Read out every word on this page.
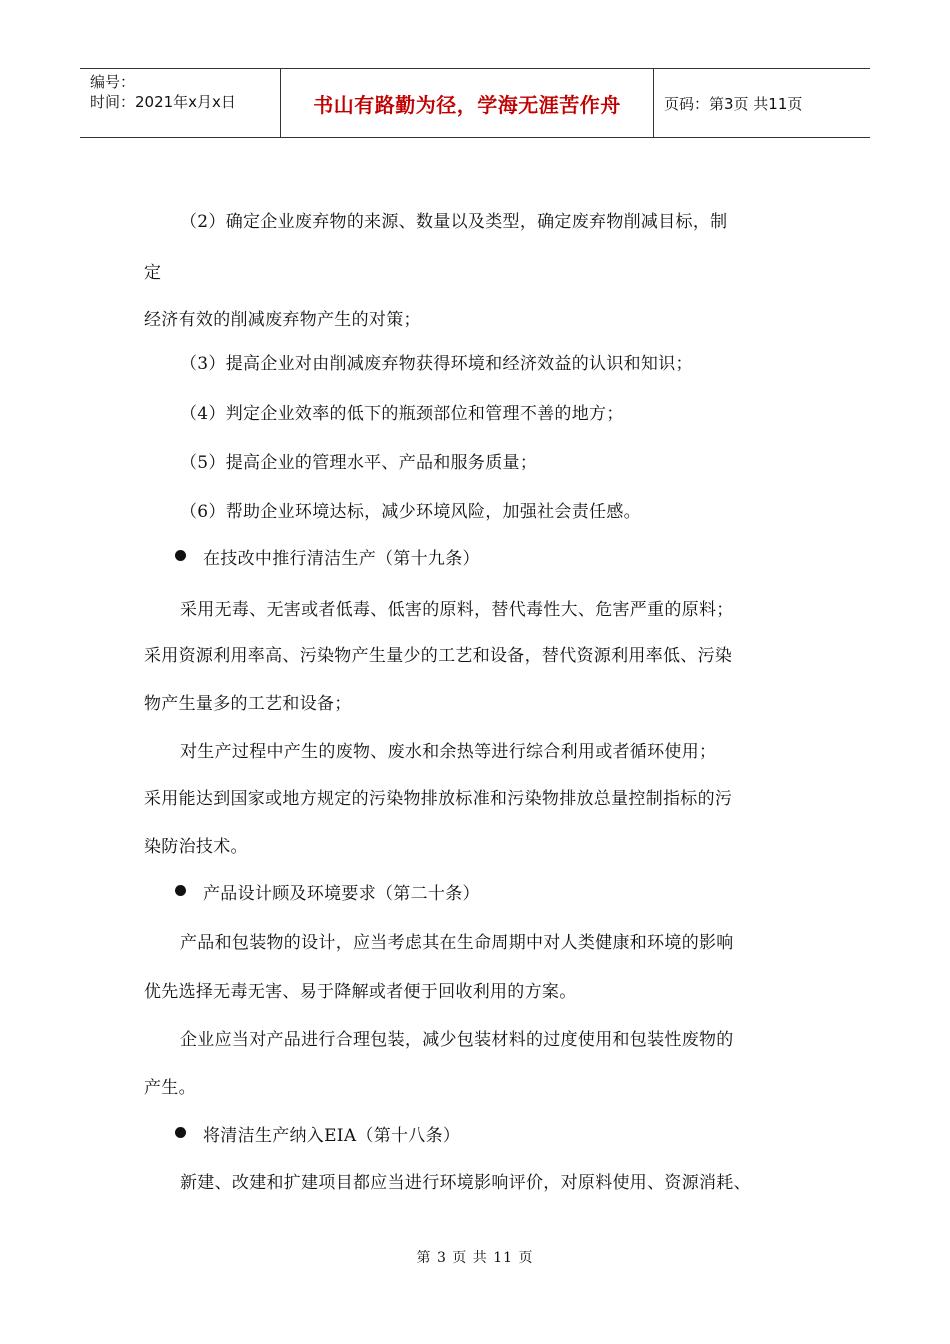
编号：
时间：2021年x月x日	书山有路勤为径，学海无涯苦作舟	页码：第3页 共11页
（2）确定企业废弃物的来源、数量以及类型，确定废弃物削减目标，制
定
经济有效的削减废弃物产生的对策；
（3）提高企业对由削减废弃物获得环境和经济效益的认识和知识；
（4）判定企业效率的低下的瓶颈部位和管理不善的地方；
（5）提高企业的管理水平、产品和服务质量；
（6）帮助企业环境达标，减少环境风险，加强社会责任感。
在技改中推行清洁生产（第十九条）
采用无毒、无害或者低毒、低害的原料，替代毒性大、危害严重的原料；
采用资源利用率高、污染物产生量少的工艺和设备，替代资源利用率低、污染
物产生量多的工艺和设备；
对生产过程中产生的废物、废水和余热等进行综合利用或者循环使用；
采用能达到国家或地方规定的污染物排放标准和污染物排放总量控制指标的污
染防治技术。
产品设计顾及环境要求（第二十条）
产品和包装物的设计，应当考虑其在生命周期中对人类健康和环境的影响
优先选择无毒无害、易于降解或者便于回收利用的方案。
企业应当对产品进行合理包装，减少包装材料的过度使用和包装性废物的
产生。
将清洁生产纳入EIA（第十八条）
新建、改建和扩建项目都应当进行环境影响评价，对原料使用、资源消耗、
第 3 页 共 11 页
